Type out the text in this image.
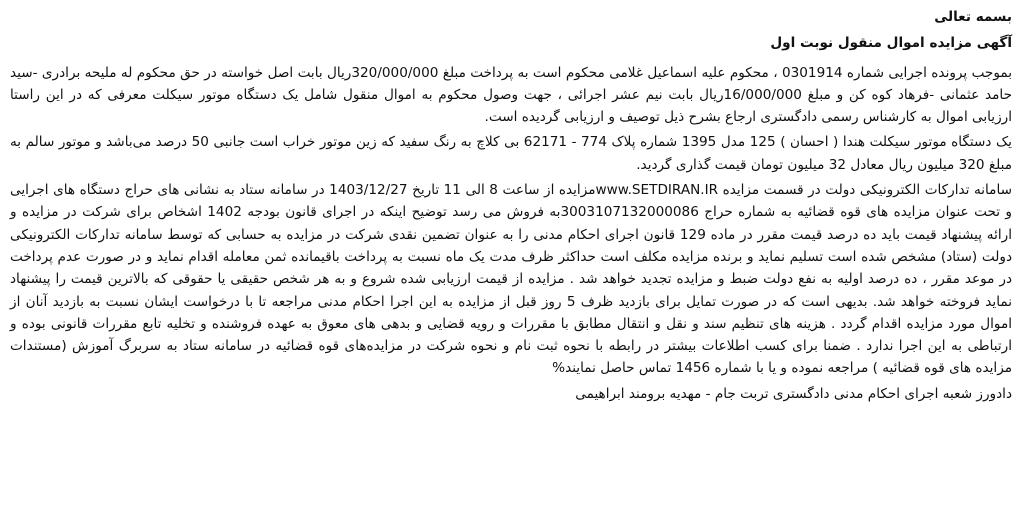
بسمه تعالی

آگهی مزایده اموال منقول نوبت اول

بموجب پرونده اجرایی شماره 0301914 ، محکوم علیه اسماعیل غلامی محکوم است به پرداخت مبلغ 320/000/000ریال بابت اصل خواسته در حق محکوم له ملیحه برادری -سید حامد عثمانی -فرهاد کوه کن و مبلغ 16/000/000ریال بابت نیم عشر اجرائی ، جهت وصول محکوم به اموال منقول شامل یک دستگاه موتور سیکلت معرفی که در این راستا ارزیابی اموال به کارشناس رسمی دادگستری ارجاع بشرح ذیل توصیف و ارزیابی گردیده است.

یک دستگاه موتور سیکلت هندا ( احسان ) 125 مدل 1395 شماره پلاک 774 - 62171 بی کلاچ به رنگ سفید که زین موتور خراب است جانبی 50 درصد می‌باشد و موتور سالم به مبلغ 320 میلیون ریال معادل 32 میلیون تومان قیمت گذاری گردید.

سامانه تدارکات الکترونیکی دولت در قسمت مزایده www.SETDIRAN.IRمزایده از ساعت 8 الی 11 تاریخ 1403/12/27 در سامانه ستاد به نشانی های حراج دستگاه های اجرایی و تحت عنوان مزایده های قوه قضائیه به شماره حراج 3003107132000086به فروش می رسد توضیح اینکه در اجرای قانون بودجه 1402 اشخاص برای شرکت در مزایده و ارائه پیشنهاد قیمت باید ده درصد قیمت مقرر در ماده 129 قانون اجرای احکام مدنی را به عنوان تضمین نقدی شرکت در مزایده به حسابی که توسط سامانه تدارکات الکترونیکی دولت (ستاد) مشخص شده است تسلیم نماید و برنده مزایده مکلف است حداکثر ظرف مدت یک ماه نسبت به پرداخت باقیمانده ثمن معامله اقدام نماید و در صورت عدم پرداخت در موعد مقرر ، ده درصد اولیه به نفع دولت ضبط و مزایده تجدید خواهد شد . مزایده از قیمت ارزیابی شده شروع و به هر شخص حقیقی یا حقوقی که بالاترین قیمت را پیشنهاد نماید فروخته خواهد شد. بدیهی است که در صورت تمایل برای بازدید ظرف 5 روز قبل از مزایده به این اجرا احکام مدنی مراجعه تا با درخواست ایشان نسبت به بازدید آنان از اموال مورد مزایده اقدام گردد . هزینه های تنظیم سند و نقل و انتقال مطابق با مقررات و رویه قضایی و بدهی های معوق به عهده فروشنده و تخلیه تابع مقررات قانونی بوده و ارتباطی به این اجرا ندارد . ضمنا برای کسب اطلاعات بیشتر در رابطه با نحوه ثبت نام و نحوه شرکت در مزایده‌های قوه قضائیه در سامانه ستاد به سربرگ آموزش (مستندات مزایده های قوه قضائیه ) مراجعه نموده و یا با شماره 1456 تماس حاصل نمایند%

دادورز شعبه اجرای احکام مدنی دادگستری تربت جام - مهدیه برومند ابراهیمی
